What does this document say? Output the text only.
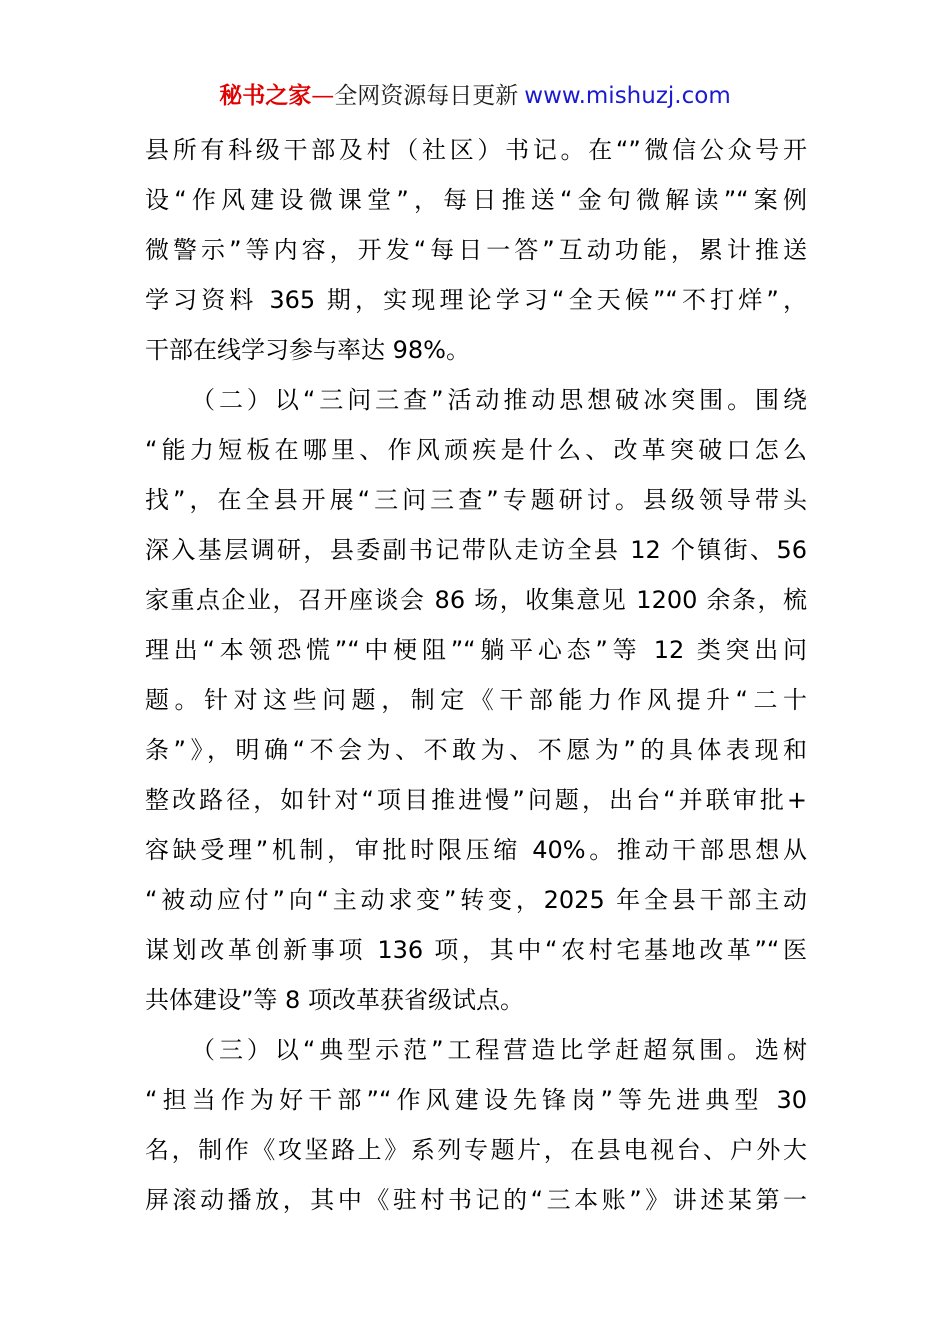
秘书之家—全网资源每日更新 www.mishuzj.com
县所有科级干部及村（社区）书记。在“”微信公众号开
设“作风建设微课堂”，每日推送“金句微解读”“案例
微警示”等内容，开发“每日一答”互动功能，累计推送
学习资料 365 期，实现理论学习“全天候”“不打烊”，
干部在线学习参与率达 98%。
（二）以“三问三查”活动推动思想破冰突围。围绕
“能力短板在哪里、作风顽疾是什么、改革突破口怎么
找”，在全县开展“三问三查”专题研讨。县级领导带头
深入基层调研，县委副书记带队走访全县 12 个镇街、56
家重点企业，召开座谈会 86 场，收集意见 1200 余条，梳
理出“本领恐慌”“中梗阻”“躺平心态”等 12 类突出问
题。针对这些问题，制定《干部能力作风提升“二十
条”》，明确“不会为、不敢为、不愿为”的具体表现和
整改路径，如针对“项目推进慢”问题，出台“并联审批+
容缺受理”机制，审批时限压缩 40%。推动干部思想从
“被动应付”向“主动求变”转变，2025 年全县干部主动
谋划改革创新事项 136 项，其中“农村宅基地改革”“医
共体建设”等 8 项改革获省级试点。
（三）以“典型示范”工程营造比学赶超氛围。选树
“担当作为好干部”“作风建设先锋岗”等先进典型 30
名，制作《攻坚路上》系列专题片，在县电视台、户外大
屏滚动播放，其中《驻村书记的“三本账”》讲述某第一
